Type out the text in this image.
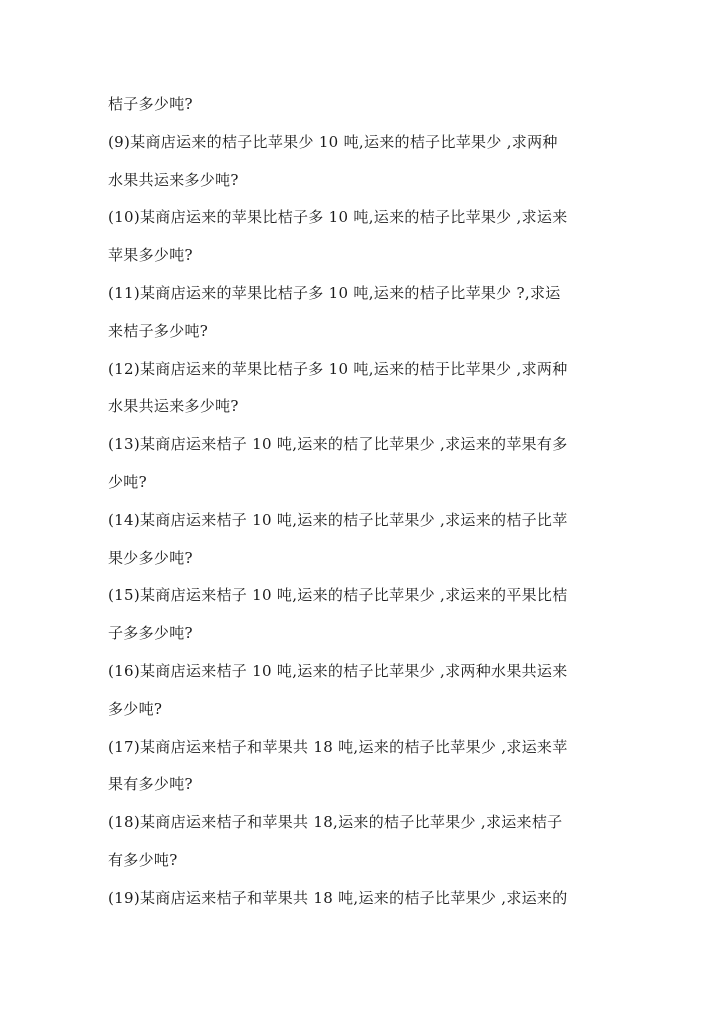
桔子多少吨?
(9)某商店运来的桔子比苹果少 10 吨,运来的桔子比苹果少 ,求两种
水果共运来多少吨?
(10)某商店运来的苹果比桔子多 10 吨,运来的桔子比苹果少 ,求运来
苹果多少吨?
(11)某商店运来的苹果比桔子多 10 吨,运来的桔子比苹果少 ?,求运
来桔子多少吨?
(12)某商店运来的苹果比桔子多 10 吨,运来的桔于比苹果少 ,求两种
水果共运来多少吨?
(13)某商店运来桔子 10 吨,运来的桔了比苹果少 ,求运来的苹果有多
少吨?
(14)某商店运来桔子 10 吨,运来的桔子比苹果少 ,求运来的桔子比苹
果少多少吨?
(15)某商店运来桔子 10 吨,运来的桔子比苹果少 ,求运来的平果比桔
子多多少吨?
(16)某商店运来桔子 10 吨,运来的桔子比苹果少 ,求两种水果共运来
多少吨?
(17)某商店运来桔子和苹果共 18 吨,运来的桔子比苹果少 ,求运来苹
果有多少吨?
(18)某商店运来桔子和苹果共 18,运来的桔子比苹果少 ,求运来桔子
有多少吨?
(19)某商店运来桔子和苹果共 18 吨,运来的桔子比苹果少 ,求运来的
